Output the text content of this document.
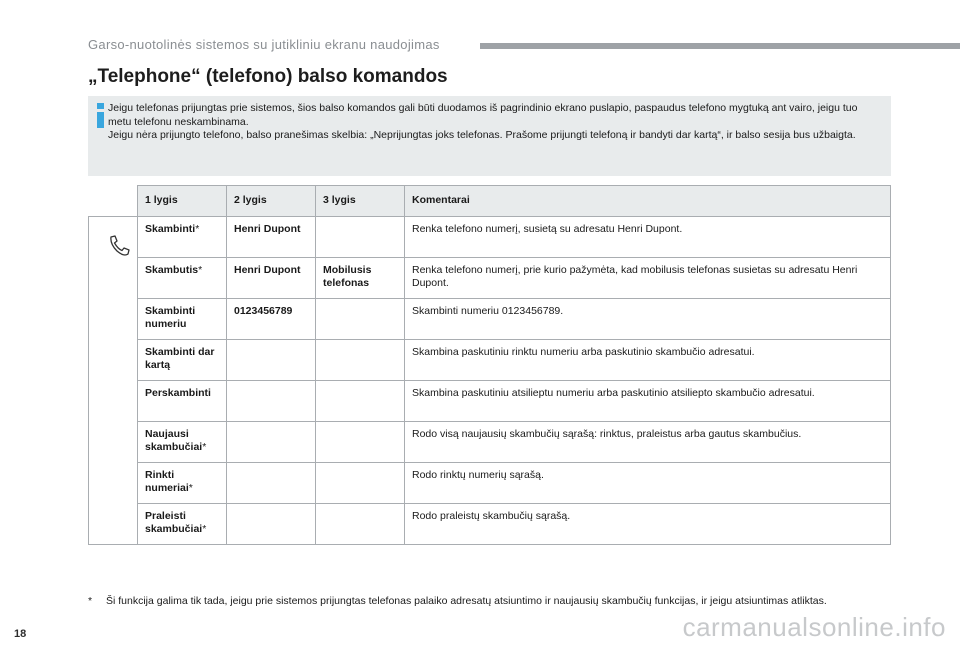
Garso-nuotolinės sistemos su jutikliniu ekranu naudojimas
„Telephone“ (telefono) balso komandos

Jeigu telefonas prijungtas prie sistemos, šios balso komandos gali būti duodamos iš pagrindinio ekrano puslapio, paspaudus telefono mygtuką ant vairo, jeigu tuo metu telefonu neskambinama.

Jeigu nėra prijungto telefono, balso pranešimas skelbia: „Neprijungtas joks telefonas. Prašome prijungti telefoną ir bandyti dar kartą“, ir balso sesija bus užbaigta.

	1 lygis	2 lygis	3 lygis	Komentarai

	Skambinti*	Henri Dupont		Renka telefono numerį, susietą su adresatu Henri Dupont.
	Skambutis*	Henri Dupont	Mobilusis telefonas	Renka telefono numerį, prie kurio pažymėta, kad mobilusis telefonas susietas su adresatu Henri Dupont.
	Skambinti numeriu	0123456789		Skambinti numeriu 0123456789.
	Skambinti dar kartą			Skambina paskutiniu rinktu numeriu arba paskutinio skambučio adresatui.
	Perskambinti			Skambina paskutiniu atsilieptu numeriu arba paskutinio atsiliepto skambučio adresatui.
	Naujausi skambučiai*			Rodo visą naujausių skambučių sąrašą: rinktus, praleistus arba gautus skambučius.
	Rinkti numeriai*			Rodo rinktų numerių sąrašą.
	Praleisti skambučiai*			Rodo praleistų skambučių sąrašą.
* Ši funkcija galima tik tada, jeigu prie sistemos prijungtas telefonas palaiko adresatų atsiuntimo ir naujausių skambučių funkcijas, ir jeigu atsiuntimas atliktas.
18	carmanualsonline.info
